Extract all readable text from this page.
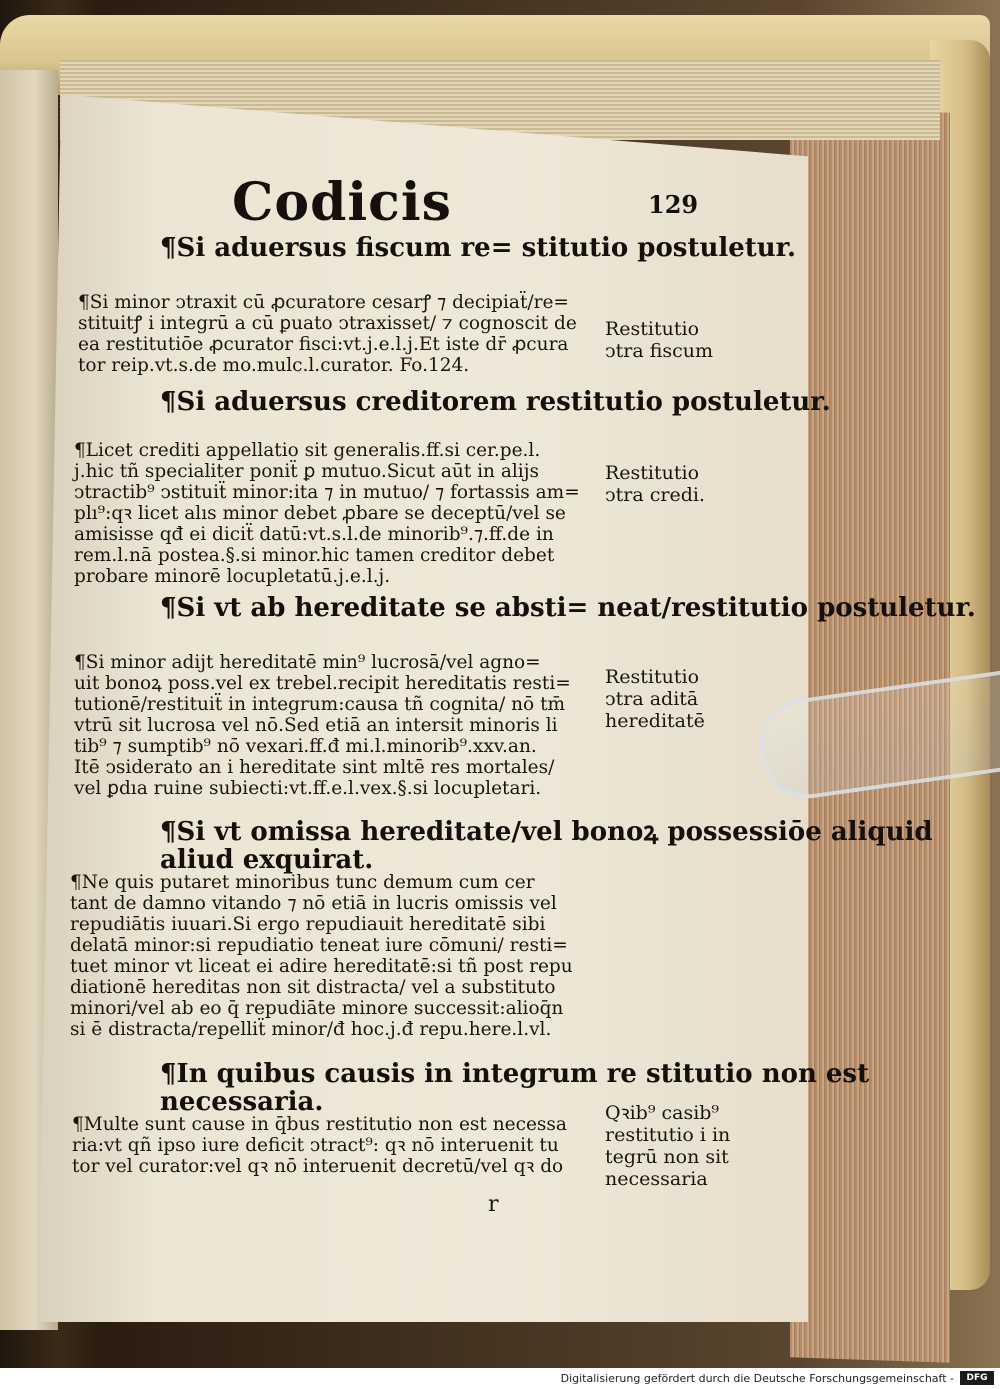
Codicis	129
¶Si aduersus fiscum re= stitutio postuletur.
¶Si minor ↄtraxit cū ꝓcuratore cesarꝭ ⁊ decipiaẗ/re=
stituitꝭ i integrū a cū ꝑuato ↄtraxisset/ ⁊ cognoscit de
ea restitutiōe ꝓcurator fisci:vt.j.e.l.j.Et iste dr̄ ꝓcura
tor reip.vt.s.de mo.mulc.l.curator. Fo.124.
¶Si aduersus creditorem restitutio postuletur.
¶Licet crediti appellatio sit generalis.ff.si cer.pe.l.
j.hic tñ specialiter poniẗ ꝑ mutuo.Sicut aūt in alijs
ↄtractib⁹ ↄstituiẗ minor:ita ⁊ in mutuo/ ⁊ fortassis am=
plı⁹:qꝛ licet alıs minor debet ꝓbare se deceptū/vel se
amisisse qđ ei diciẗ datū:vt.s.l.de minorib⁹.⁊.ff.de in
rem.l.nā postea.§.si minor.hic tamen creditor debet
probare minorē locupletatū.j.e.l.j.
¶Si vt ab hereditate se absti= neat/restitutio postuletur.
¶Si minor adijt hereditatē min⁹ lucrosā/vel agno=
uit bonoꝝ poss.vel ex trebel.recipit hereditatis resti=
tutionē/restituiẗ in integrum:causa tñ cognita/ nō tm̄
vtrū sit lucrosa vel nō.Sed etiā an intersit minoris li
tib⁹ ⁊ sumptib⁹ nō vexari.ff.đ mi.l.minorib⁹.xxv.an.
Itē ↄsiderato an i hereditate sint mltē res mortales/
vel ꝑdıa ruine subiecti:vt.ff.e.l.vex.§.si locupletari.
¶Si vt omissa hereditate/vel bonoꝝ possessiōe aliquid aliud exquirat.
¶Ne quis putaret minoribus tunc demum cum cer
tant de damno vitando ⁊ nō etiā in lucris omissis vel
repudiātis iuuari.Si ergo repudiauit hereditatē sibi
delatā minor:si repudiatio teneat iure cōmuni/ resti=
tuet minor vt liceat ei adire hereditatē:si tñ post repu
diationē hereditas non sit distracta/ vel a substituto
minori/vel ab eo q̄ repudiāte minore successit:alioq̄n
si ē distracta/repelliẗ minor/đ hoc.j.đ repu.here.l.vl.
¶In quibus causis in integrum re stitutio non est necessaria.
¶Multe sunt cause in q̄bus restitutio non est necessa
ria:vt qñ ipso iure deficit ↄtract⁹: qꝛ nō interuenit tu
tor vel curator:vel qꝛ nō interuenit decretū/vel qꝛ do
Restitutio
ↄtra fiscum
Restitutio
ↄtra credi.
Restitutio
ↄtra aditā
hereditatē
Qꝛib⁹ casib⁹
restitutio i in
tegrū non sit
necessaria
r
Digitalisierung gefördert durch die Deutsche Forschungsgemeinschaft -	DFG
